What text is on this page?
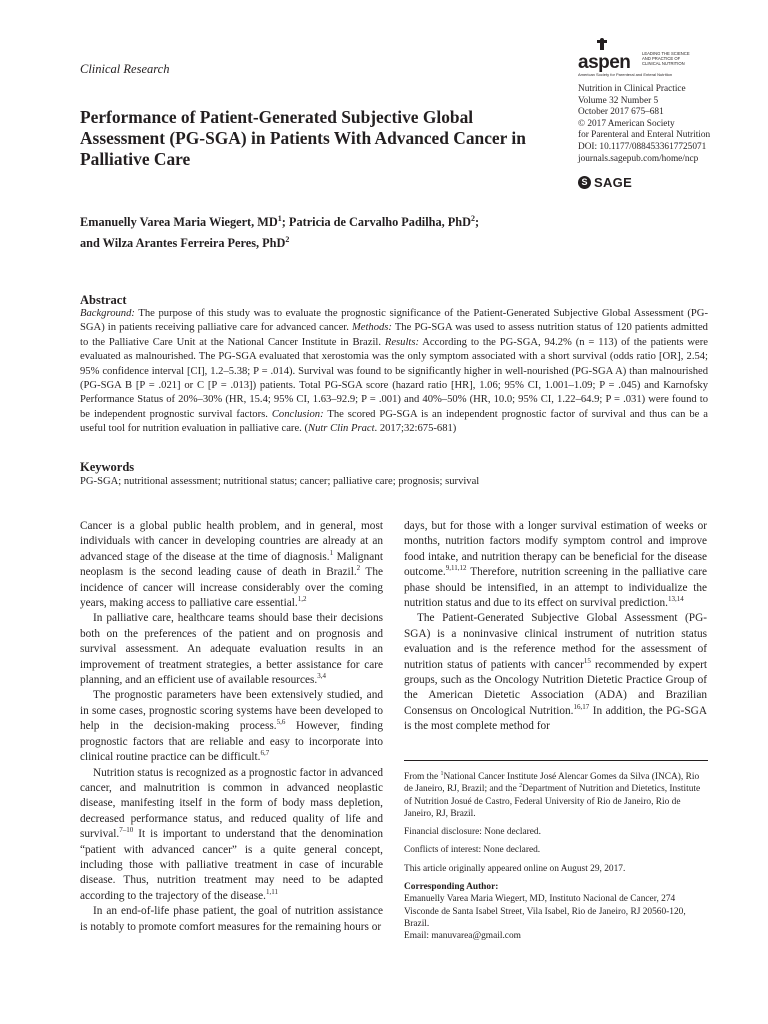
Clinical Research	aspen	LEADING THE SCIENCE AND PRACTICE OF CLINICAL NUTRITION
American Society for Parenteral and Enteral Nutrition
Nutrition in Clinical Practice
Volume 32 Number 5
October 2017 675–681
© 2017 American Society
for Parenteral and Enteral Nutrition
DOI: 10.1177/0884533617725071
journals.sagepub.com/home/ncp
S SAGE
Performance of Patient-Generated Subjective Global Assessment (PG-SGA) in Patients With Advanced Cancer in Palliative Care
Emanuelly Varea Maria Wiegert, $MD^1$; Patricia de Carvalho Padilha, PhD$^2$;
and Wilza Arantes Ferreira Peres, PhD$^2$
Abstract

Background: The purpose of this study was to evaluate the prognostic significance of the Patient-Generated Subjective Global Assessment (PG-SGA) in patients receiving palliative care for advanced cancer. Methods: The PG-SGA was used to assess nutrition status of 120 patients admitted to the Palliative Care Unit at the National Cancer Institute in Brazil. Results: According to the PG-SGA, 94.2% (n = 113) of the patients were evaluated as malnourished. The PG-SGA evaluated that xerostomia was the only symptom associated with a short survival (odds ratio [OR], 2.54; 95% confidence interval [CI], 1.2–5.38; P = .014). Survival was found to be significantly higher in well-nourished (PG-SGA A) than malnourished (PG-SGA B [P = .021] or C [P = .013]) patients. Total PG-SGA score (hazard ratio [HR], 1.06; 95% CI, 1.001–1.09; P = .045) and Karnofsky Performance Status of 20%–30% (HR, 15.4; 95% CI, 1.63–92.9; P = .001) and 40%–50% (HR, 10.0; 95% CI, 1.22–64.9; P = .031) were found to be independent prognostic survival factors. Conclusion: The scored PG-SGA is an independent prognostic factor of survival and thus can be a useful tool for nutrition evaluation in palliative care. (Nutr Clin Pract. 2017;32:675-681)

Keywords
PG-SGA; nutritional assessment; nutritional status; cancer; palliative care; prognosis; survival

Cancer is a global public health problem, and in general, most individuals with cancer in developing countries are already at an advanced stage of the disease at the time of diagnosis.$^1$ Malignant neoplasm is the second leading cause of death in Brazil.$^2$ The incidence of cancer will increase considerably over the coming years, making access to palliative care essential.$^{1,2}$

In palliative care, healthcare teams should base their decisions both on the preferences of the patient and on prognosis and survival assessment. An adequate evaluation results in an improvement of treatment strategies, a better assistance for care planning, and an efficient use of available resources.$^{3,4}$

The prognostic parameters have been extensively studied, and in some cases, prognostic scoring systems have been developed to help in the decision-making process.$^{5,6}$ However, finding prognostic factors that are reliable and easy to incorporate into clinical routine practice can be difficult.$^{6,7}$

Nutrition status is recognized as a prognostic factor in advanced cancer, and malnutrition is common in advanced neoplastic disease, manifesting itself in the form of body mass depletion, decreased performance status, and reduced quality of life and survival.$^{7-10}$ It is important to understand that the denomination “patient with advanced cancer” is a quite general concept, including those with palliative treatment in case of incurable disease. Thus, nutrition treatment may need to be adapted according to the trajectory of the disease.$^{1,11}$

In an end-of-life phase patient, the goal of nutrition assistance is notably to promote comfort measures for the remaining hours or

days, but for those with a longer survival estimation of weeks or months, nutrition factors modify symptom control and improve food intake, and nutrition therapy can be beneficial for the disease outcome.$^{9,11,12}$ Therefore, nutrition screening in the palliative care phase should be intensified, in an attempt to individualize the nutrition status and due to its effect on survival prediction.$^{13,14}$

The Patient-Generated Subjective Global Assessment (PG-SGA) is a noninvasive clinical instrument of nutrition status evaluation and is the reference method for the assessment of nutrition status of patients with cancer$^{15}$ recommended by expert groups, such as the Oncology Nutrition Dietetic Practice Group of the American Dietetic Association (ADA) and Brazilian Consensus on Oncological Nutrition.$^{16,17}$ In addition, the PG-SGA is the most complete method for

From the $^1$National Cancer Institute José Alencar Gomes da Silva (INCA), Rio de Janeiro, RJ, Brazil; and the $^2$Department of Nutrition and Dietetics, Institute of Nutrition Josué de Castro, Federal University of Rio de Janeiro, Rio de Janeiro, RJ, Brazil.

Financial disclosure: None declared.

Conflicts of interest: None declared.

This article originally appeared online on August 29, 2017.

Corresponding Author:

Emanuelly Varea Maria Wiegert, MD, Instituto Nacional de Cancer, 274 Visconde de Santa Isabel Street, Vila Isabel, Rio de Janeiro, RJ 20560-120, Brazil.

Email: manuvarea@gmail.com
